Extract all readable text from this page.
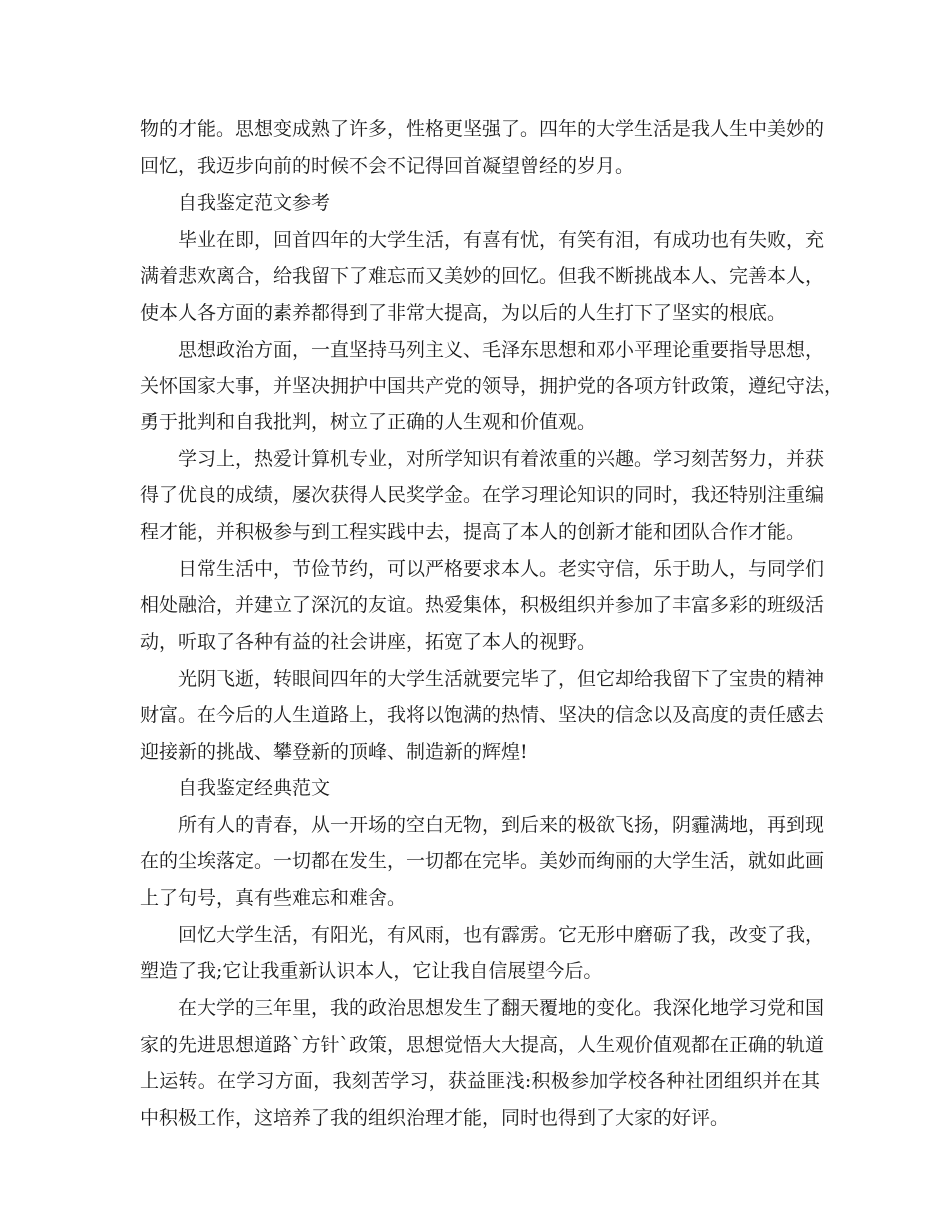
物的才能。思想变成熟了许多，性格更坚强了。四年的大学生活是我人生中美妙的
回忆，我迈步向前的时候不会不记得回首凝望曾经的岁月。
自我鉴定范文参考
毕业在即，回首四年的大学生活，有喜有忧，有笑有泪，有成功也有失败，充
满着悲欢离合，给我留下了难忘而又美妙的回忆。但我不断挑战本人、完善本人，
使本人各方面的素养都得到了非常大提高，为以后的人生打下了坚实的根底。
思想政治方面，一直坚持马列主义、毛泽东思想和邓小平理论重要指导思想，
关怀国家大事，并坚决拥护中国共产党的领导，拥护党的各项方针政策，遵纪守法，
勇于批判和自我批判，树立了正确的人生观和价值观。
学习上，热爱计算机专业，对所学知识有着浓重的兴趣。学习刻苦努力，并获
得了优良的成绩，屡次获得人民奖学金。在学习理论知识的同时，我还特别注重编
程才能，并积极参与到工程实践中去，提高了本人的创新才能和团队合作才能。
日常生活中，节俭节约，可以严格要求本人。老实守信，乐于助人，与同学们
相处融洽，并建立了深沉的友谊。热爱集体，积极组织并参加了丰富多彩的班级活
动，听取了各种有益的社会讲座，拓宽了本人的视野。
光阴飞逝，转眼间四年的大学生活就要完毕了，但它却给我留下了宝贵的精神
财富。在今后的人生道路上，我将以饱满的热情、坚决的信念以及高度的责任感去
迎接新的挑战、攀登新的顶峰、制造新的辉煌!
自我鉴定经典范文
所有人的青春，从一开场的空白无物，到后来的极欲飞扬，阴霾满地，再到现
在的尘埃落定。一切都在发生，一切都在完毕。美妙而绚丽的大学生活，就如此画
上了句号，真有些难忘和难舍。
回忆大学生活，有阳光，有风雨，也有霹雳。它无形中磨砺了我，改变了我，
塑造了我;它让我重新认识本人，它让我自信展望今后。
在大学的三年里，我的政治思想发生了翻天覆地的变化。我深化地学习党和国
家的先进思想道路`方针`政策，思想觉悟大大提高，人生观价值观都在正确的轨道
上运转。在学习方面，我刻苦学习，获益匪浅:积极参加学校各种社团组织并在其
中积极工作，这培养了我的组织治理才能，同时也得到了大家的好评。
